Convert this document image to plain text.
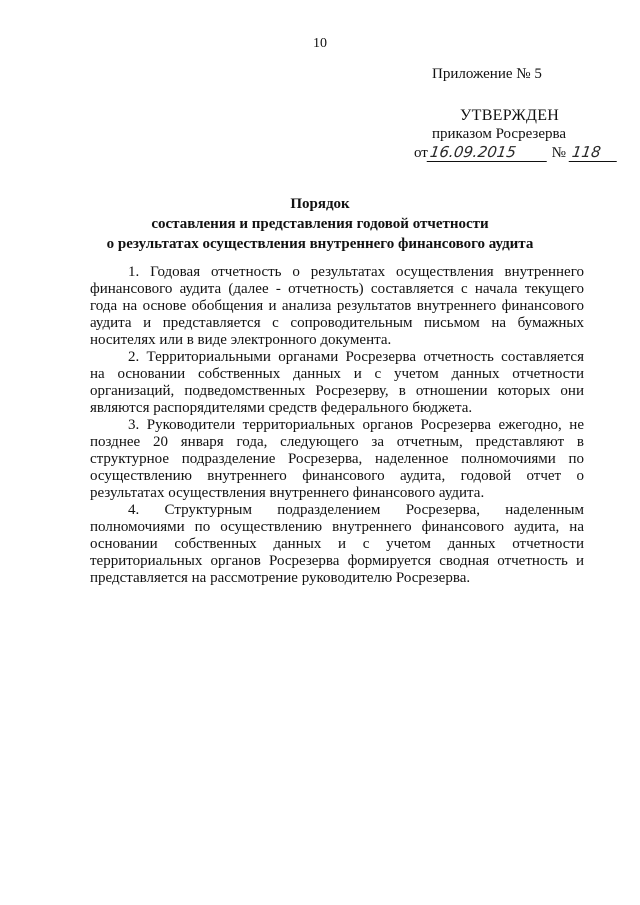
10
Приложение № 5
УТВЕРЖДЕН
приказом Росрезерва
от16.09.2015 № 118
Порядок
составления и представления годовой отчетности
о результатах осуществления внутреннего финансового аудита

1. Годовая отчетность о результатах осуществления внутреннего финансового аудита (далее - отчетность) составляется с начала текущего года на основе обобщения и анализа результатов внутреннего финансового аудита и представляется с сопроводительным письмом на бумажных носителях или в виде электронного документа.

2. Территориальными органами Росрезерва отчетность составляется на основании собственных данных и с учетом данных отчетности организаций, подведомственных Росрезерву, в отношении которых они являются распорядителями средств федерального бюджета.

3. Руководители территориальных органов Росрезерва ежегодно, не позднее 20 января года, следующего за отчетным, представляют в структурное подразделение Росрезерва, наделенное полномочиями по осуществлению внутреннего финансового аудита, годовой отчет о результатах осуществления внутреннего финансового аудита.

4. Структурным подразделением Росрезерва, наделенным полномочиями по осуществлению внутреннего финансового аудита, на основании собственных данных и с учетом данных отчетности территориальных органов Росрезерва формируется сводная отчетность и представляется на рассмотрение руководителю Росрезерва.
